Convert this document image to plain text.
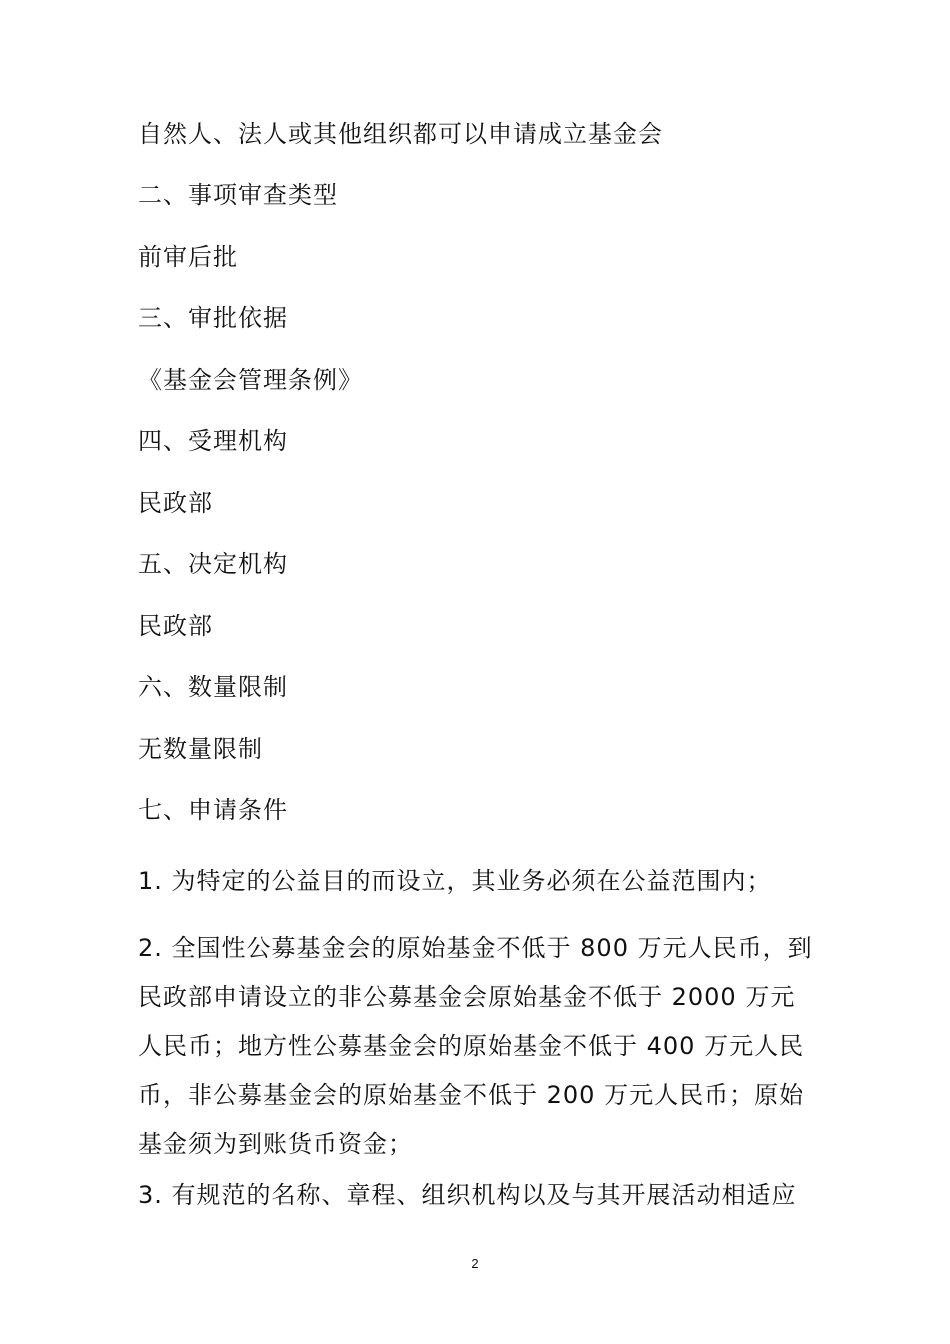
自然人、法人或其他组织都可以申请成立基金会
二、事项审查类型
前审后批
三、审批依据
《基金会管理条例》
四、受理机构
民政部
五、决定机构
民政部
六、数量限制
无数量限制
七、申请条件
1. 为特定的公益目的而设立，其业务必须在公益范围内；
2. 全国性公募基金会的原始基金不低于 800 万元人民币，到民政部申请设立的非公募基金会原始基金不低于 2000 万元人民币；地方性公募基金会的原始基金不低于 400 万元人民币，非公募基金会的原始基金不低于 200 万元人民币；原始基金须为到账货币资金；
3. 有规范的名称、章程、组织机构以及与其开展活动相适应
2
